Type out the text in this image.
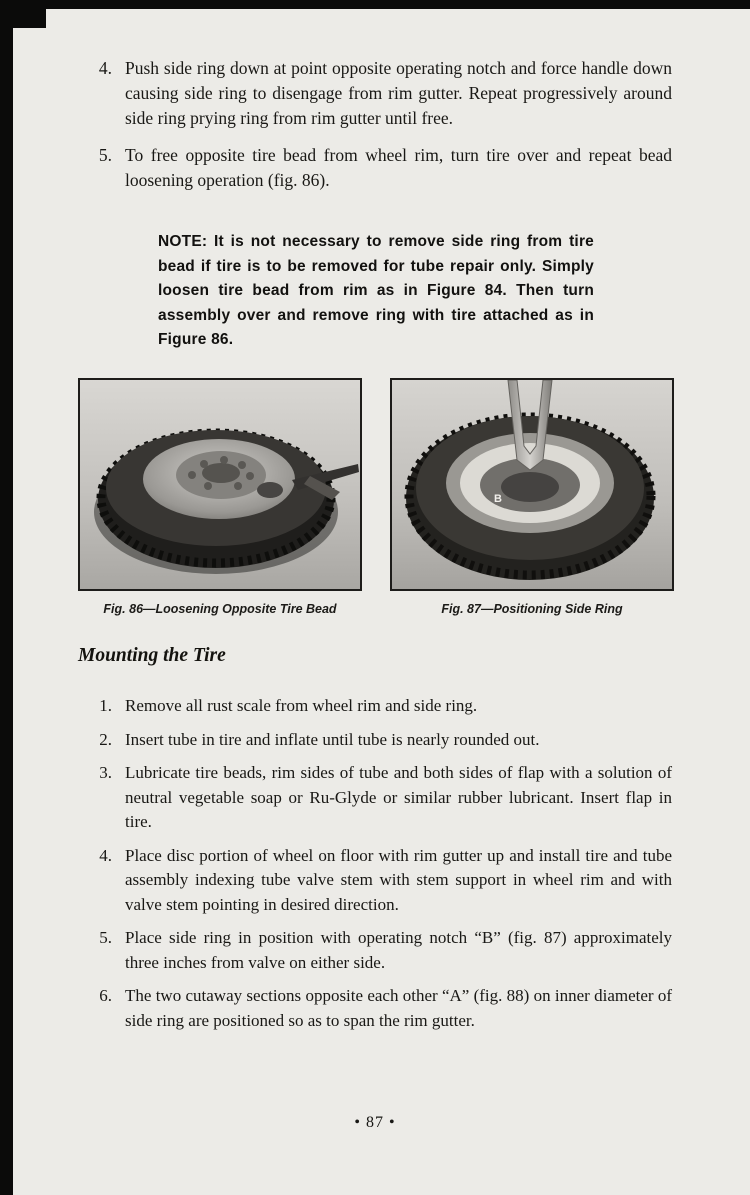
4. Push side ring down at point opposite operating notch and force handle down causing side ring to disengage from rim gutter. Repeat progressively around side ring prying ring from rim gutter until free.
5. To free opposite tire bead from wheel rim, turn tire over and repeat bead loosening operation (fig. 86).
NOTE: It is not necessary to remove side ring from tire bead if tire is to be removed for tube repair only. Simply loosen tire bead from rim as in Figure 84. Then turn assembly over and remove ring with tire attached as in Figure 86.
B
Fig. 86—Loosening Opposite Tire Bead	Fig. 87—Positioning Side Ring
Mounting the Tire
1. Remove all rust scale from wheel rim and side ring.
2. Insert tube in tire and inflate until tube is nearly rounded out.
3. Lubricate tire beads, rim sides of tube and both sides of flap with a solution of neutral vegetable soap or Ru-Glyde or similar rubber lubricant. Insert flap in tire.
4. Place disc portion of wheel on floor with rim gutter up and install tire and tube assembly indexing tube valve stem with stem support in wheel rim and with valve stem pointing in desired direction.
5. Place side ring in position with operating notch “B” (fig. 87) approximately three inches from valve on either side.
6. The two cutaway sections opposite each other “A” (fig. 88) on inner diameter of side ring are positioned so as to span the rim gutter.
• 87 •
